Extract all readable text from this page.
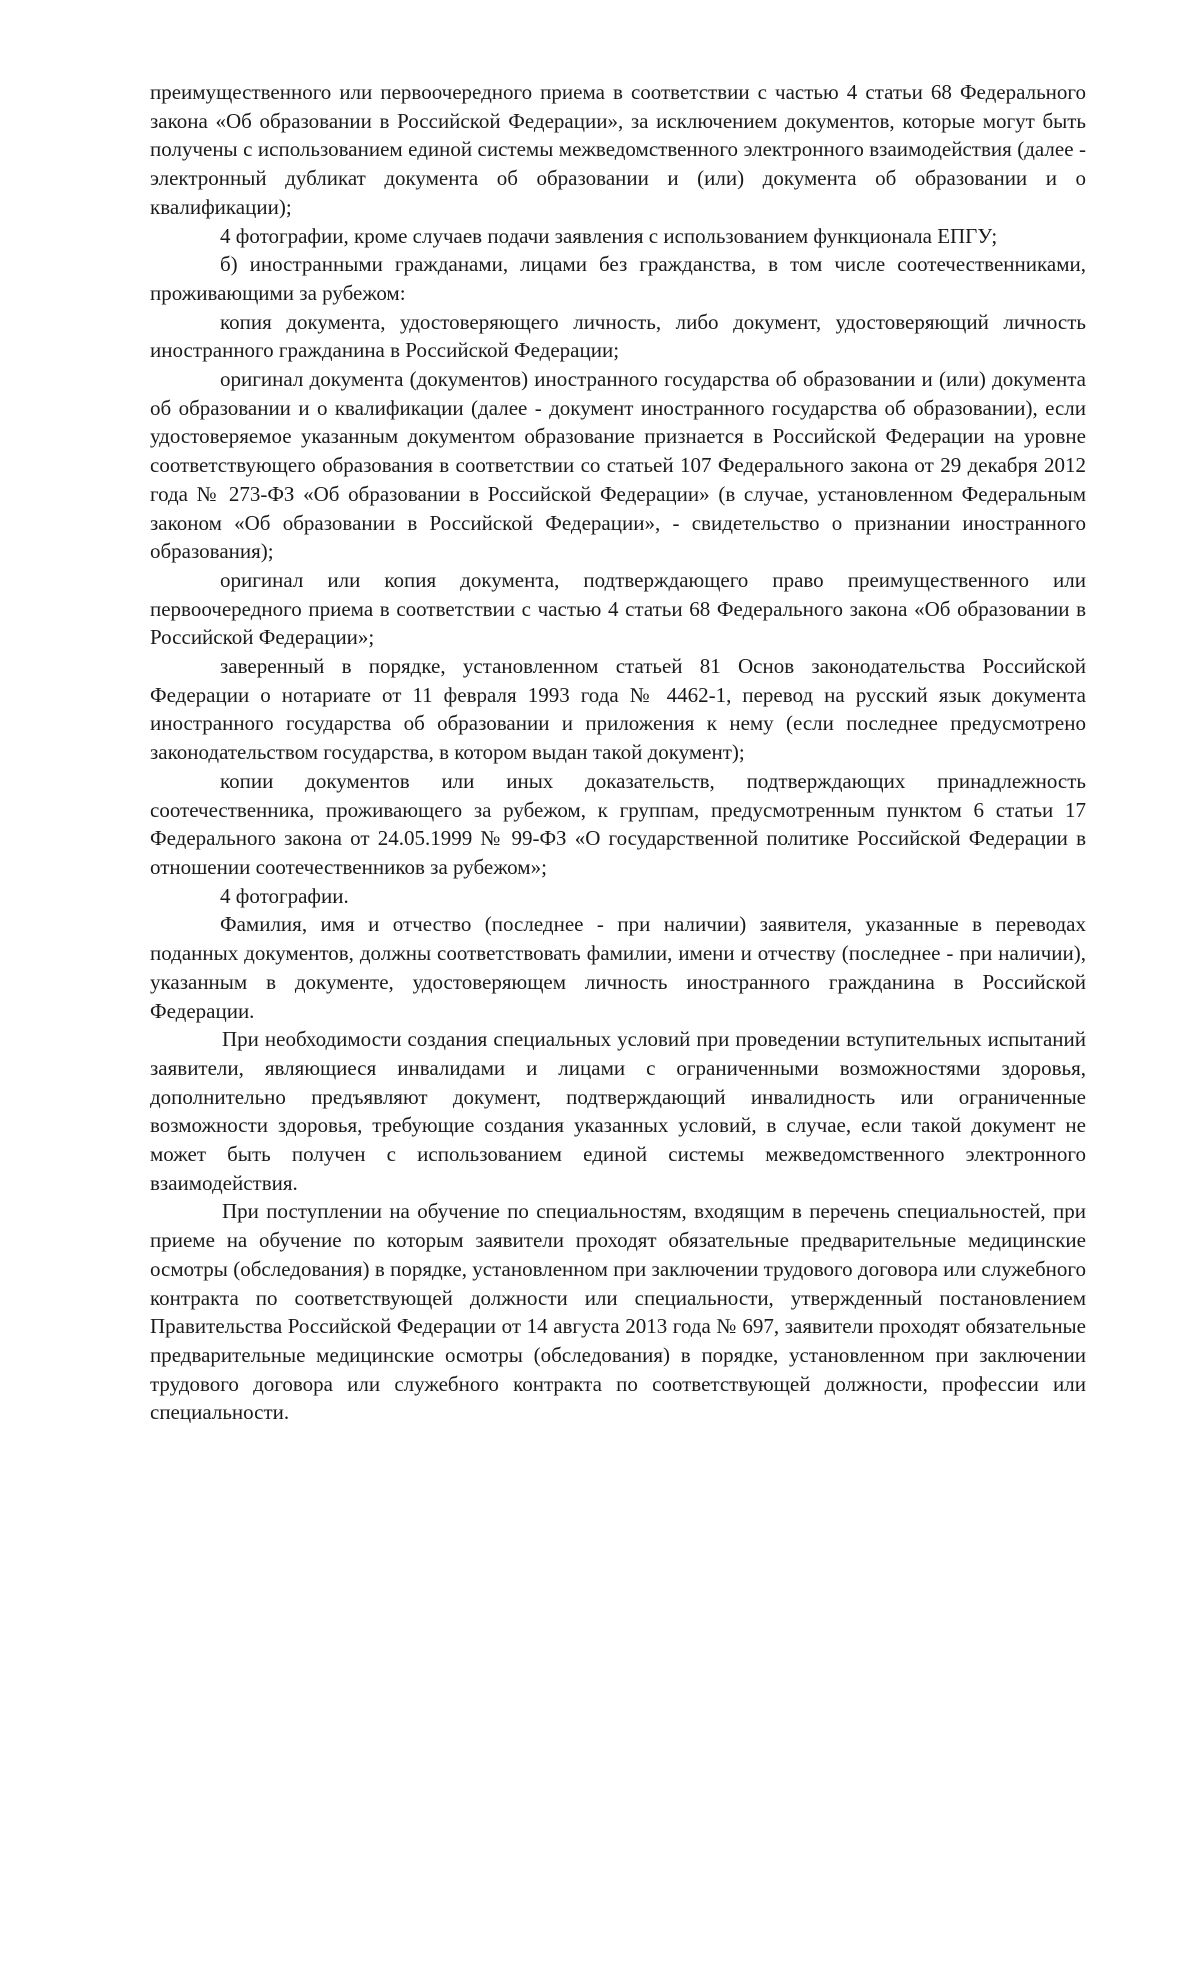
преимущественного или первоочередного приема в соответствии с частью 4 статьи 68 Федерального закона «Об образовании в Российской Федерации», за исключением документов, которые могут быть получены с использованием единой системы межведомственного электронного взаимодействия (далее - электронный дубликат документа об образовании и (или) документа об образовании и о квалификации);

4 фотографии, кроме случаев подачи заявления с использованием функционала ЕПГУ;

б) иностранными гражданами, лицами без гражданства, в том числе соотечественниками, проживающими за рубежом:

копия документа, удостоверяющего личность, либо документ, удостоверяющий личность иностранного гражданина в Российской Федерации;

оригинал документа (документов) иностранного государства об образовании и (или) документа об образовании и о квалификации (далее - документ иностранного государства об образовании), если удостоверяемое указанным документом образование признается в Российской Федерации на уровне соответствующего образования в соответствии со статьей 107 Федерального закона от 29 декабря 2012 года № 273-ФЗ «Об образовании в Российской Федерации» (в случае, установленном Федеральным законом «Об образовании в Российской Федерации», - свидетельство о признании иностранного образования);

оригинал или копия документа, подтверждающего право преимущественного или первоочередного приема в соответствии с частью 4 статьи 68 Федерального закона «Об образовании в Российской Федерации»;

заверенный в порядке, установленном статьей 81 Основ законодательства Российской Федерации о нотариате от 11 февраля 1993 года № 4462-1, перевод на русский язык документа иностранного государства об образовании и приложения к нему (если последнее предусмотрено законодательством государства, в котором выдан такой документ);

копии документов или иных доказательств, подтверждающих принадлежность соотечественника, проживающего за рубежом, к группам, предусмотренным пунктом 6 статьи 17 Федерального закона от 24.05.1999 № 99-ФЗ «О государственной политике Российской Федерации в отношении соотечественников за рубежом»;

4 фотографии.

Фамилия, имя и отчество (последнее - при наличии) заявителя, указанные в переводах поданных документов, должны соответствовать фамилии, имени и отчеству (последнее - при наличии), указанным в документе, удостоверяющем личность иностранного гражданина в Российской Федерации.

При необходимости создания специальных условий при проведении вступительных испытаний заявители, являющиеся инвалидами и лицами с ограниченными возможностями здоровья, дополнительно предъявляют документ, подтверждающий инвалидность или ограниченные возможности здоровья, требующие создания указанных условий, в случае, если такой документ не может быть получен с использованием единой системы межведомственного электронного взаимодействия.

При поступлении на обучение по специальностям, входящим в перечень специальностей, при приеме на обучение по которым заявители проходят обязательные предварительные медицинские осмотры (обследования) в порядке, установленном при заключении трудового договора или служебного контракта по соответствующей должности или специальности, утвержденный постановлением Правительства Российской Федерации от 14 августа 2013 года № 697, заявители проходят обязательные предварительные медицинские осмотры (обследования) в порядке, установленном при заключении трудового договора или служебного контракта по соответствующей должности, профессии или специальности.
